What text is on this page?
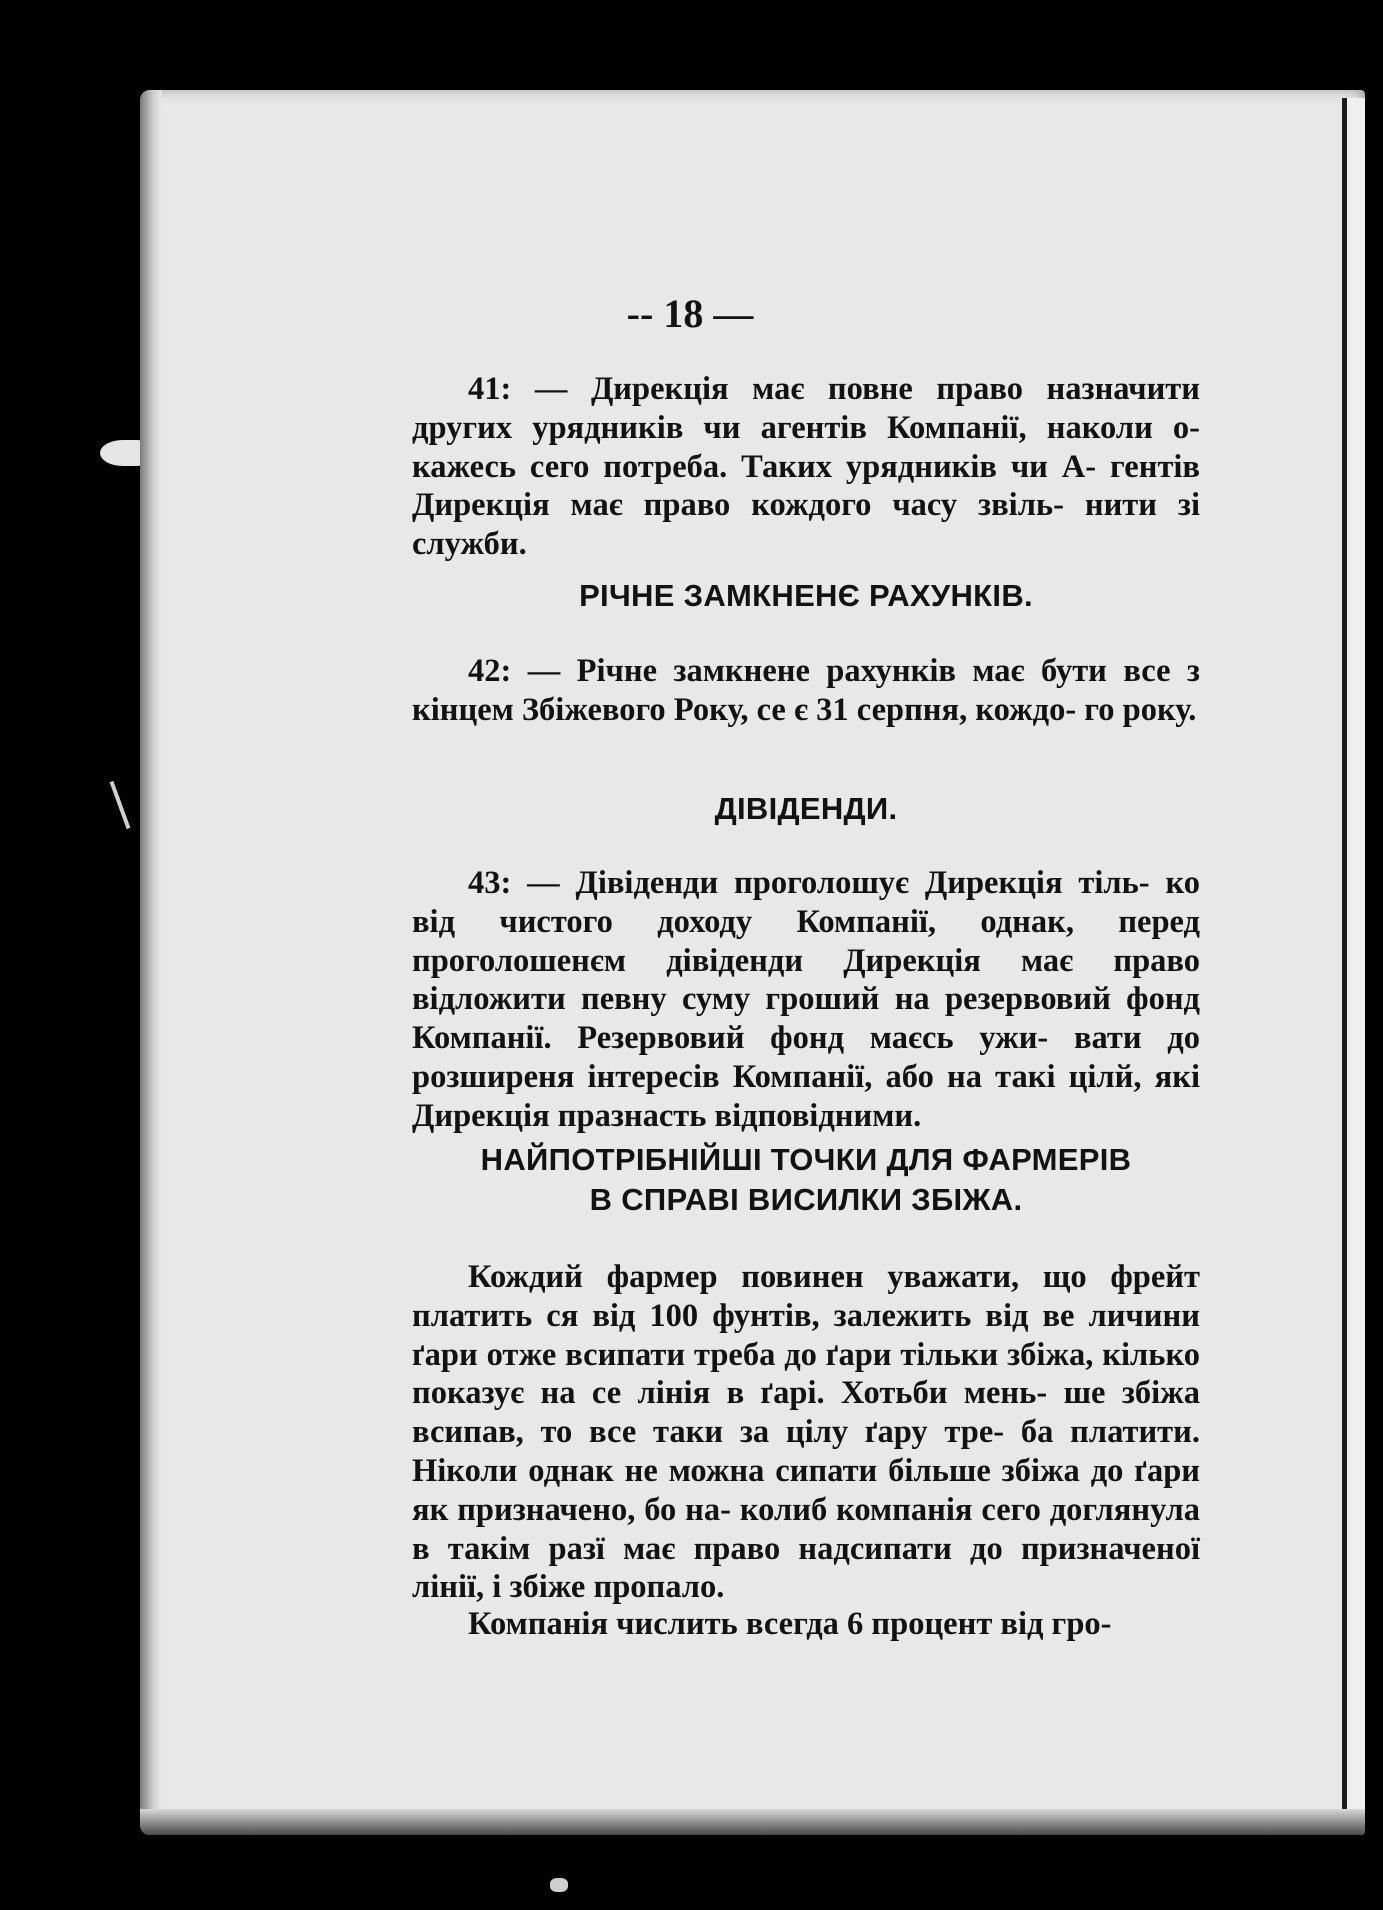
-- 18 —
41: — Дирекція має повне право назначити других урядників чи агентів Компанії, наколи о- кажесь сего потреба. Таких урядників чи А- гентів Дирекція має право кождого часу звіль- нити зі служби.
РІЧНЕ ЗАМКНЕНЄ РАХУНКІВ.
42: — Річне замкнене рахунків має бути все з кінцем Збіжевого Року, се є 31 серпня, кождо- го року.
ДІВІДЕНДИ.
43: — Дівіденди проголошує Дирекція тіль- ко від чистого доходу Компанії, однак, перед проголошенєм дівіденди Дирекція має право відложити певну суму гроший на резервовий фонд Компанії. Резервовий фонд маєсь ужи- вати до розширеня інтересів Компанії, або на такі цілй, які Дирекція празнасть відповідними.
НАЙПОТРІБНІЙШІ ТОЧКИ ДЛЯ ФАРМЕРІВ
В СПРАВІ ВИСИЛКИ ЗБІЖА.
Кождий фармер повинен уважати, що фрейт платить ся від 100 фунтів, залежить від ве личини ґари отже всипати треба до ґари тільки збіжа, кілько показує на се лінія в ґарі. Хотьби мень- ше збіжа всипав, то все таки за цілу ґару тре- ба платити. Ніколи однак не можна сипати більше збіжа до ґари як призначено, бо на- колиб компанія сего доглянула в такім разї має право надсипати до призначеної лінії, і збіже пропало.
Компанія числить всегда 6 процент від гро-
